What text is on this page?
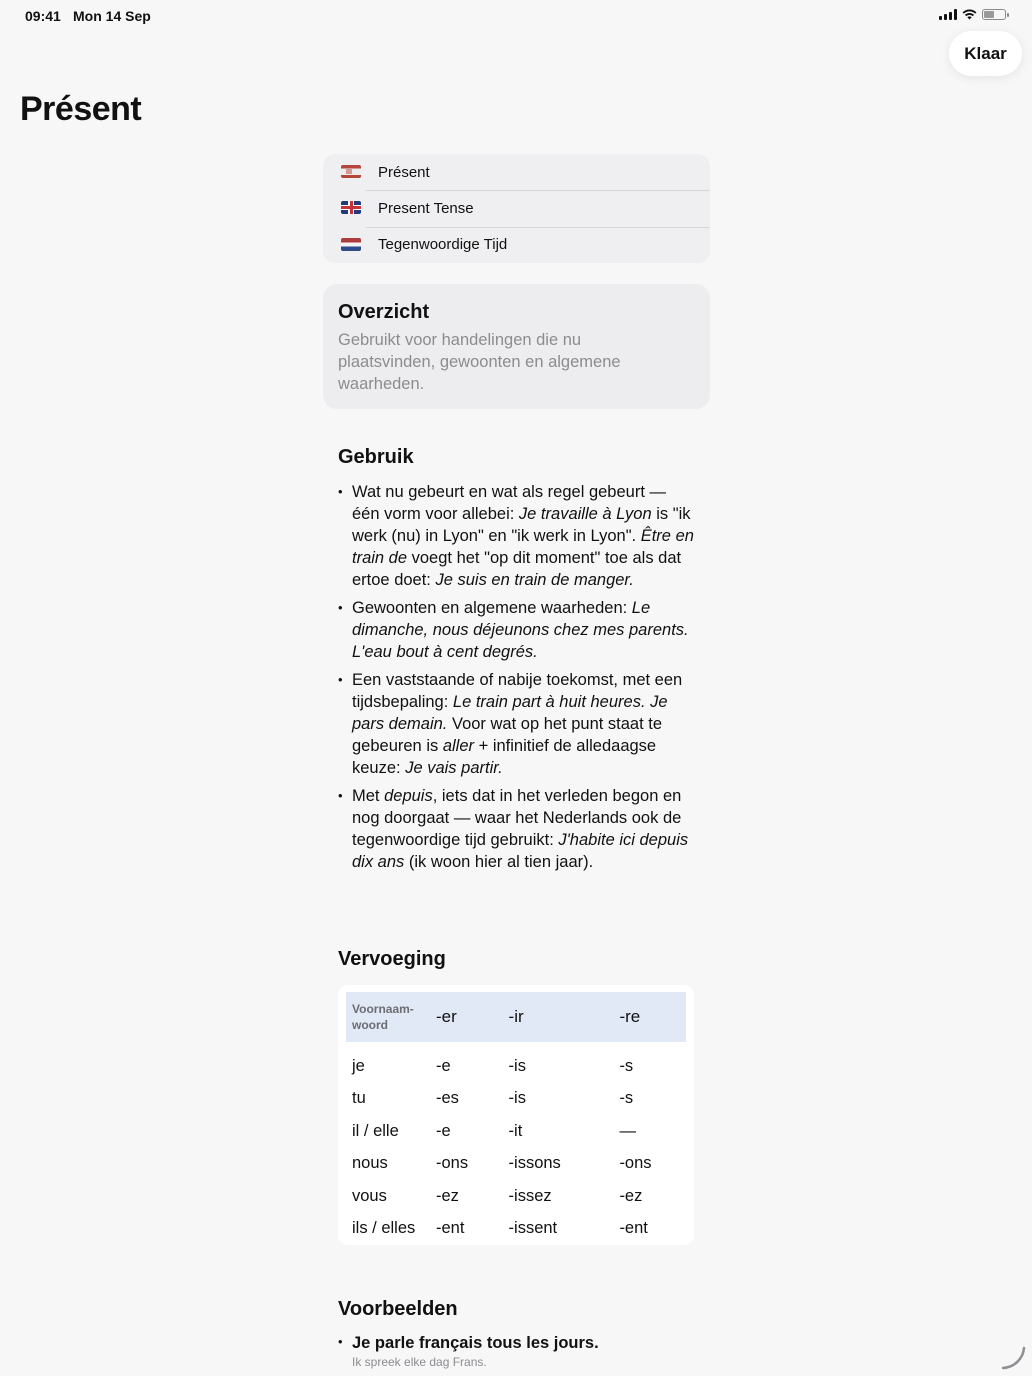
09:41 Mon 14 Sep
Klaar
Présent
Présent
Present Tense
Tegenwoordige Tijd
Overzicht

Gebruikt voor handelingen die nu plaatsvinden, gewoonten en algemene waarheden.

Gebruik
• Wat nu gebeurt en wat als regel gebeurt — één vorm voor allebei: Je travaille à Lyon is "ik werk (nu) in Lyon" en "ik werk in Lyon". Être en train de voegt het "op dit moment" toe als dat ertoe doet: Je suis en train de manger.
• Gewoonten en algemene waarheden: Le dimanche, nous déjeunons chez mes parents. L'eau bout à cent degrés.
• Een vaststaande of nabije toekomst, met een tijdsbepaling: Le train part à huit heures. Je pars demain. Voor wat op het punt staat te gebeuren is aller + infinitief de alledaagse keuze: Je vais partir.
• Met depuis, iets dat in het verleden begon en nog doorgaat — waar het Nederlands ook de tegenwoordige tijd gebruikt: J'habite ici depuis dix ans (ik woon hier al tien jaar).
Vervoeging
Voornaam-woord	-er	-ir	-re
je	-e	-is	-s
tu	-es	-is	-s
il / elle	-e	-it	—
nous	-ons	-issons	-ons
vous	-ez	-issez	-ez
ils / elles	-ent	-issent	-ent
Voorbeelden
• Je parle français tous les jours.
Ik spreek elke dag Frans.
